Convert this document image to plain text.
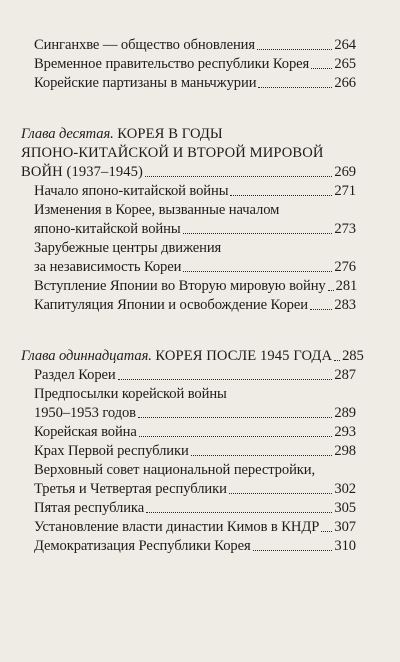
Синганхве — общество обновления	264
Временное правительство республики Корея 265
Корейские партизаны в маньчжурии	266
Глава десятая. КОРЕЯ В ГОДЫ
ЯПОНО-КИТАЙСКОЙ И ВТОРОЙ МИРОВОЙ
ВОЙН (1937–1945)	269
Начало японо-китайской войны	271
Изменения в Корее, вызванные началом
японо-китайской войны	273
Зарубежные центры движения
за независимость Кореи	276
Вступление Японии во Вторую мировую войну 281
Капитуляция Японии и освобождение Кореи 283
Глава одиннадцатая. КОРЕЯ ПОСЛЕ 1945 ГОДА 285
Раздел Кореи	287
Предпосылки корейской войны
1950–1953 годов	289
Корейская война	293
Крах Первой республики	298
Верховный совет национальной перестройки,
Третья и Четвертая республики	302
Пятая республика	305
Установление власти династии Кимов в КНДР 307
Демократизация Республики Корея	310
